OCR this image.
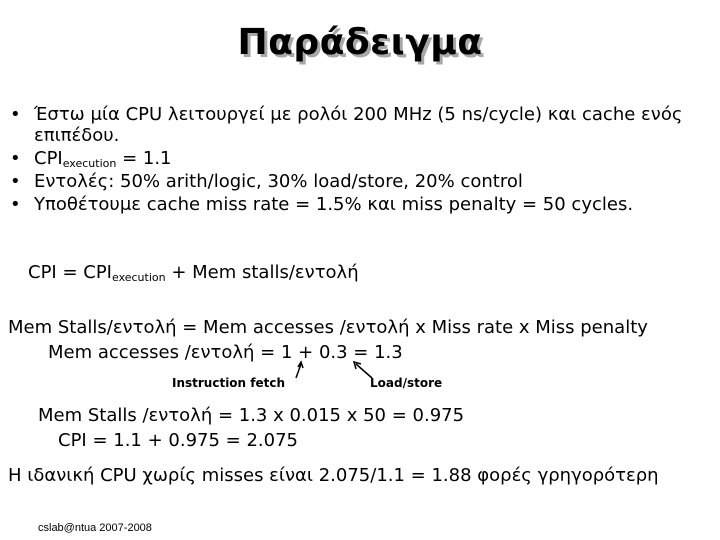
Παράδειγμα
• Έστω μία CPU λειτουργεί με ρολόι 200 MHz (5 ns/cycle) και cache ενός επιπέδου.
• $CPI_{execution} = 1.1$
• Εντολές: 50% arith/logic, 30% load/store, 20% control
• Υποθέτουμε cache miss rate = 1.5% και miss penalty = 50 cycles.
CPI = $CPI_{execution}$ + Mem stalls/εντολή
Mem Stalls/εντολή = Mem accesses /εντολή x Miss rate x Miss penalty
Mem accesses /εντολή = 1 + 0.3 = 1.3
Instruction fetch	Load/store
Mem Stalls /εντολή = 1.3 x 0.015 x 50 = 0.975
CPI = 1.1 + 0.975 = 2.075
Η ιδανική CPU χωρίς misses είναι 2.075/1.1 = 1.88 φορές γρηγορότερη
cslab@ntua 2007-2008
